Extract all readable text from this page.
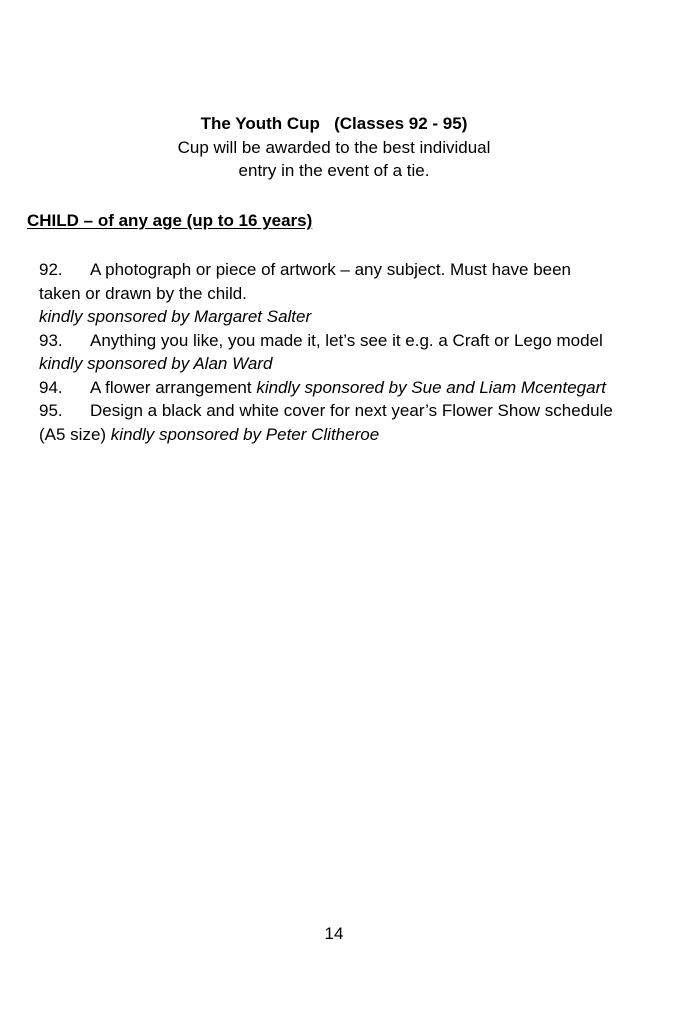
The Youth Cup   (Classes 92 - 95)
Cup will be awarded to the best individual
entry in the event of a tie.
CHILD – of any age (up to 16 years)
92. A photograph or piece of artwork – any subject. Must have been
taken or drawn by the child.
kindly sponsored by Margaret Salter
93. Anything you like, you made it, let’s see it e.g. a Craft or Lego model
kindly sponsored by Alan Ward
94. A flower arrangement kindly sponsored by Sue and Liam Mcentegart
95. Design a black and white cover for next year’s Flower Show schedule
(A5 size) kindly sponsored by Peter Clitheroe
14
